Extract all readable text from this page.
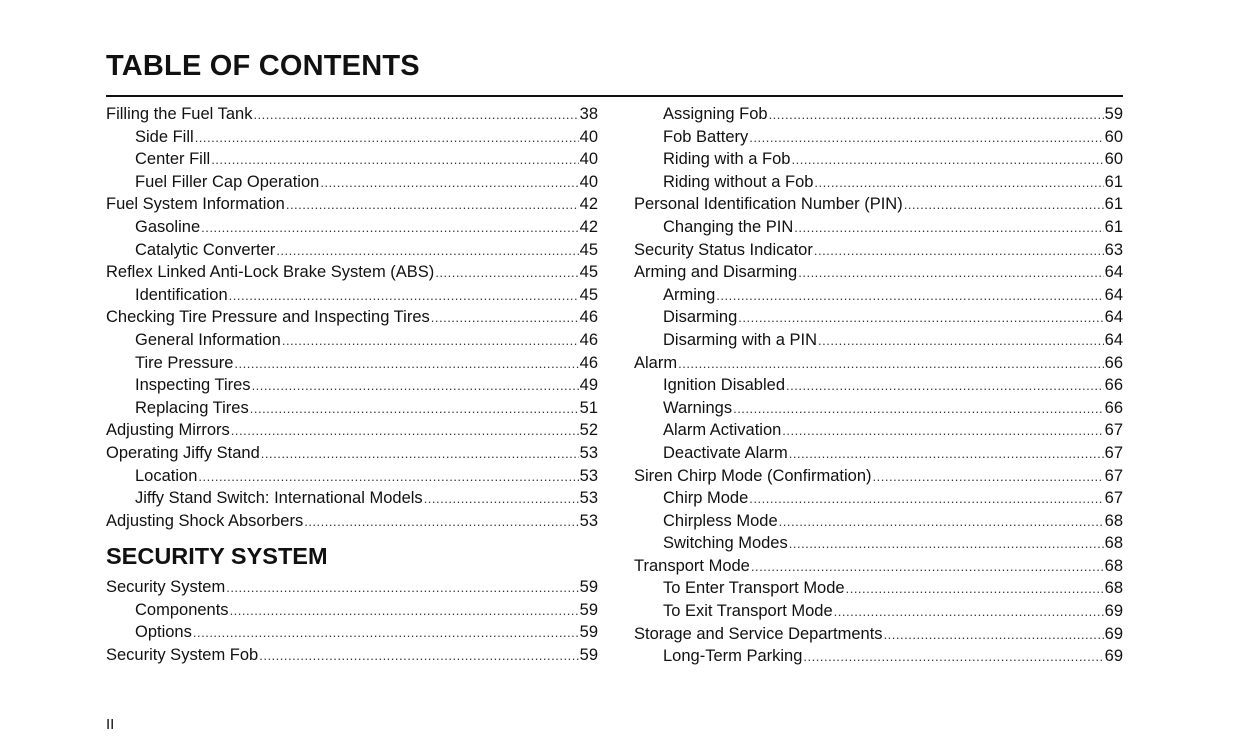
TABLE OF CONTENTS
Filling the Fuel Tank .....	38
Side Fill .....	40
Center Fill .....	40
Fuel Filler Cap Operation .....	40
Fuel System Information .....	42
Gasoline .....	42
Catalytic Converter .....	45
Reflex Linked Anti-Lock Brake System (ABS) .....	45
Identification .....	45
Checking Tire Pressure and Inspecting Tires .....	46
General Information .....	46
Tire Pressure .....	46
Inspecting Tires .....	49
Replacing Tires .....	51
Adjusting Mirrors .....	52
Operating Jiffy Stand .....	53
Location .....	53
Jiffy Stand Switch: International Models .....	53
Adjusting Shock Absorbers .....	53
SECURITY SYSTEM
Security System .....	59
Components .....	59
Options .....	59
Security System Fob .....	59
Assigning Fob .....	59
Fob Battery .....	60
Riding with a Fob .....	60
Riding without a Fob .....	61
Personal Identification Number (PIN) .....	61
Changing the PIN .....	61
Security Status Indicator .....	63
Arming and Disarming .....	64
Arming .....	64
Disarming .....	64
Disarming with a PIN .....	64
Alarm .....	66
Ignition Disabled .....	66
Warnings .....	66
Alarm Activation .....	67
Deactivate Alarm .....	67
Siren Chirp Mode (Confirmation) .....	67
Chirp Mode .....	67
Chirpless Mode .....	68
Switching Modes .....	68
Transport Mode .....	68
To Enter Transport Mode .....	68
To Exit Transport Mode .....	69
Storage and Service Departments .....	69
Long-Term Parking .....	69
II
